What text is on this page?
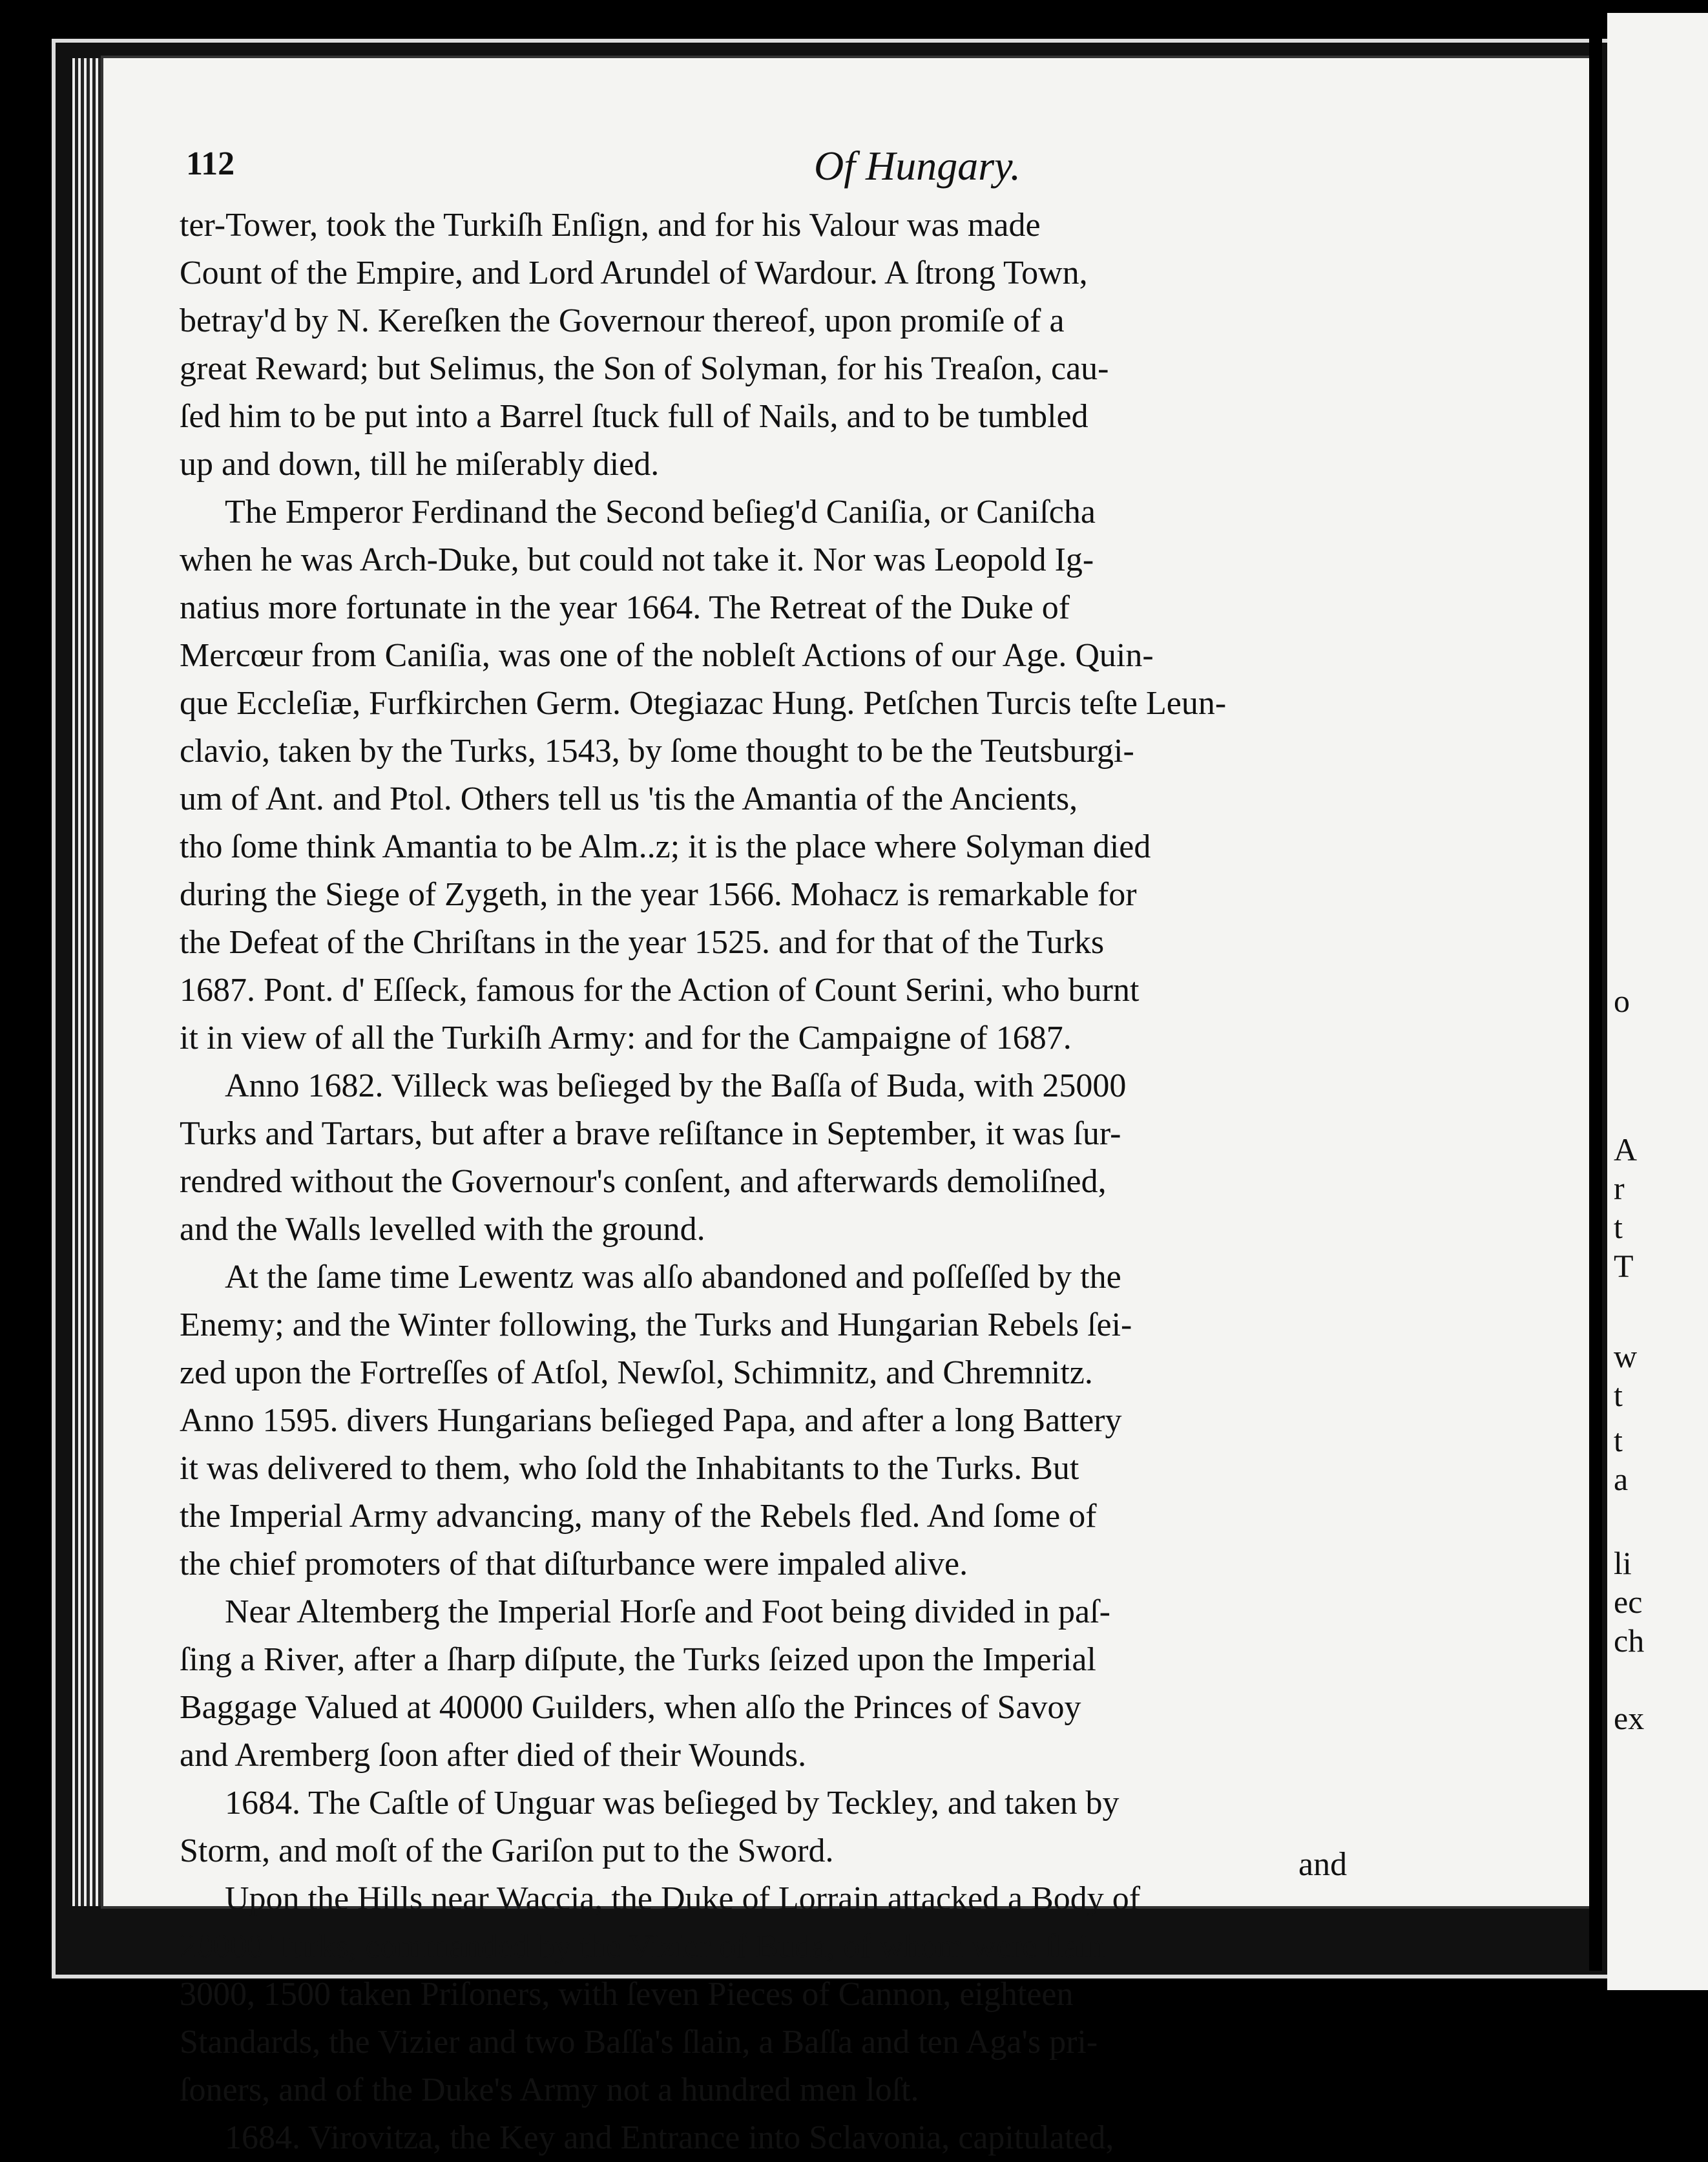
112	Of Hungary.
ter-Tower, took the Turkiſh Enſign, and for his Valour was made
Count of the Empire, and Lord Arundel of Wardour. A ſtrong Town,
betray'd by N. Kereſken the Governour thereof, upon promiſe of a
great Reward; but Selimus, the Son of Solyman, for his Treaſon, cau-
ſed him to be put into a Barrel ſtuck full of Nails, and to be tumbled
up and down, till he miſerably died.
The Emperor Ferdinand the Second beſieg'd Caniſia, or Caniſcha
when he was Arch-Duke, but could not take it. Nor was Leopold Ig-
natius more fortunate in the year 1664. The Retreat of the Duke of
Mercœur from Caniſia, was one of the nobleſt Actions of our Age. Quin-
que Eccleſiæ, Furfkirchen Germ. Otegiazac Hung. Petſchen Turcis teſte Leun-
clavio, taken by the Turks, 1543, by ſome thought to be the Teutsburgi-
um of Ant. and Ptol. Others tell us 'tis the Amantia of the Ancients,
tho ſome think Amantia to be Alm..z; it is the place where Solyman died
during the Siege of Zygeth, in the year 1566. Mohacz is remarkable for
the Defeat of the Chriſtans in the year 1525. and for that of the Turks
1687. Pont. d' Eſſeck, famous for the Action of Count Serini, who burnt
it in view of all the Turkiſh Army: and for the Campaigne of 1687.
Anno 1682. Villeck was beſieged by the Baſſa of Buda, with 25000
Turks and Tartars, but after a brave reſiſtance in September, it was ſur-
rendred without the Governour's conſent, and afterwards demoliſned,
and the Walls levelled with the ground.
At the ſame time Lewentz was alſo abandoned and poſſeſſed by the
Enemy; and the Winter following, the Turks and Hungarian Rebels ſei-
zed upon the Fortreſſes of Atſol, Newſol, Schimnitz, and Chremnitz.
Anno 1595. divers Hungarians beſieged Papa, and after a long Battery
it was delivered to them, who ſold the Inhabitants to the Turks. But
the Imperial Army advancing, many of the Rebels fled. And ſome of
the chief promoters of that diſturbance were impaled alive.
Near Altemberg the Imperial Horſe and Foot being divided in paſ-
ſing a River, after a ſharp diſpute, the Turks ſeized upon the Imperial
Baggage Valued at 40000 Guilders, when alſo the Princes of Savoy
and Aremberg ſoon after died of their Wounds.
1684. The Caſtle of Unguar was beſieged by Teckley, and taken by
Storm, and moſt of the Gariſon put to the Sword.
Upon the Hills near Waccia, the Duke of Lorrain attacked a Body of
20000 Turks, commanded by the Vizier of Buda, of whom were ſlain
3000, 1500 taken Priſoners, with ſeven Pieces of Cannon, eighteen
Standards, the Vizier and two Baſſa's ſlain, a Baſſa and ten Aga's pri-
ſoners, and of the Duke's Army not a hundred men loſt.
1684. Virovitza, the Key and Entrance into Sclavonia, capitulated,
and
o
A
r
t
T
w
t
t
a
li
ec
ch
ex
